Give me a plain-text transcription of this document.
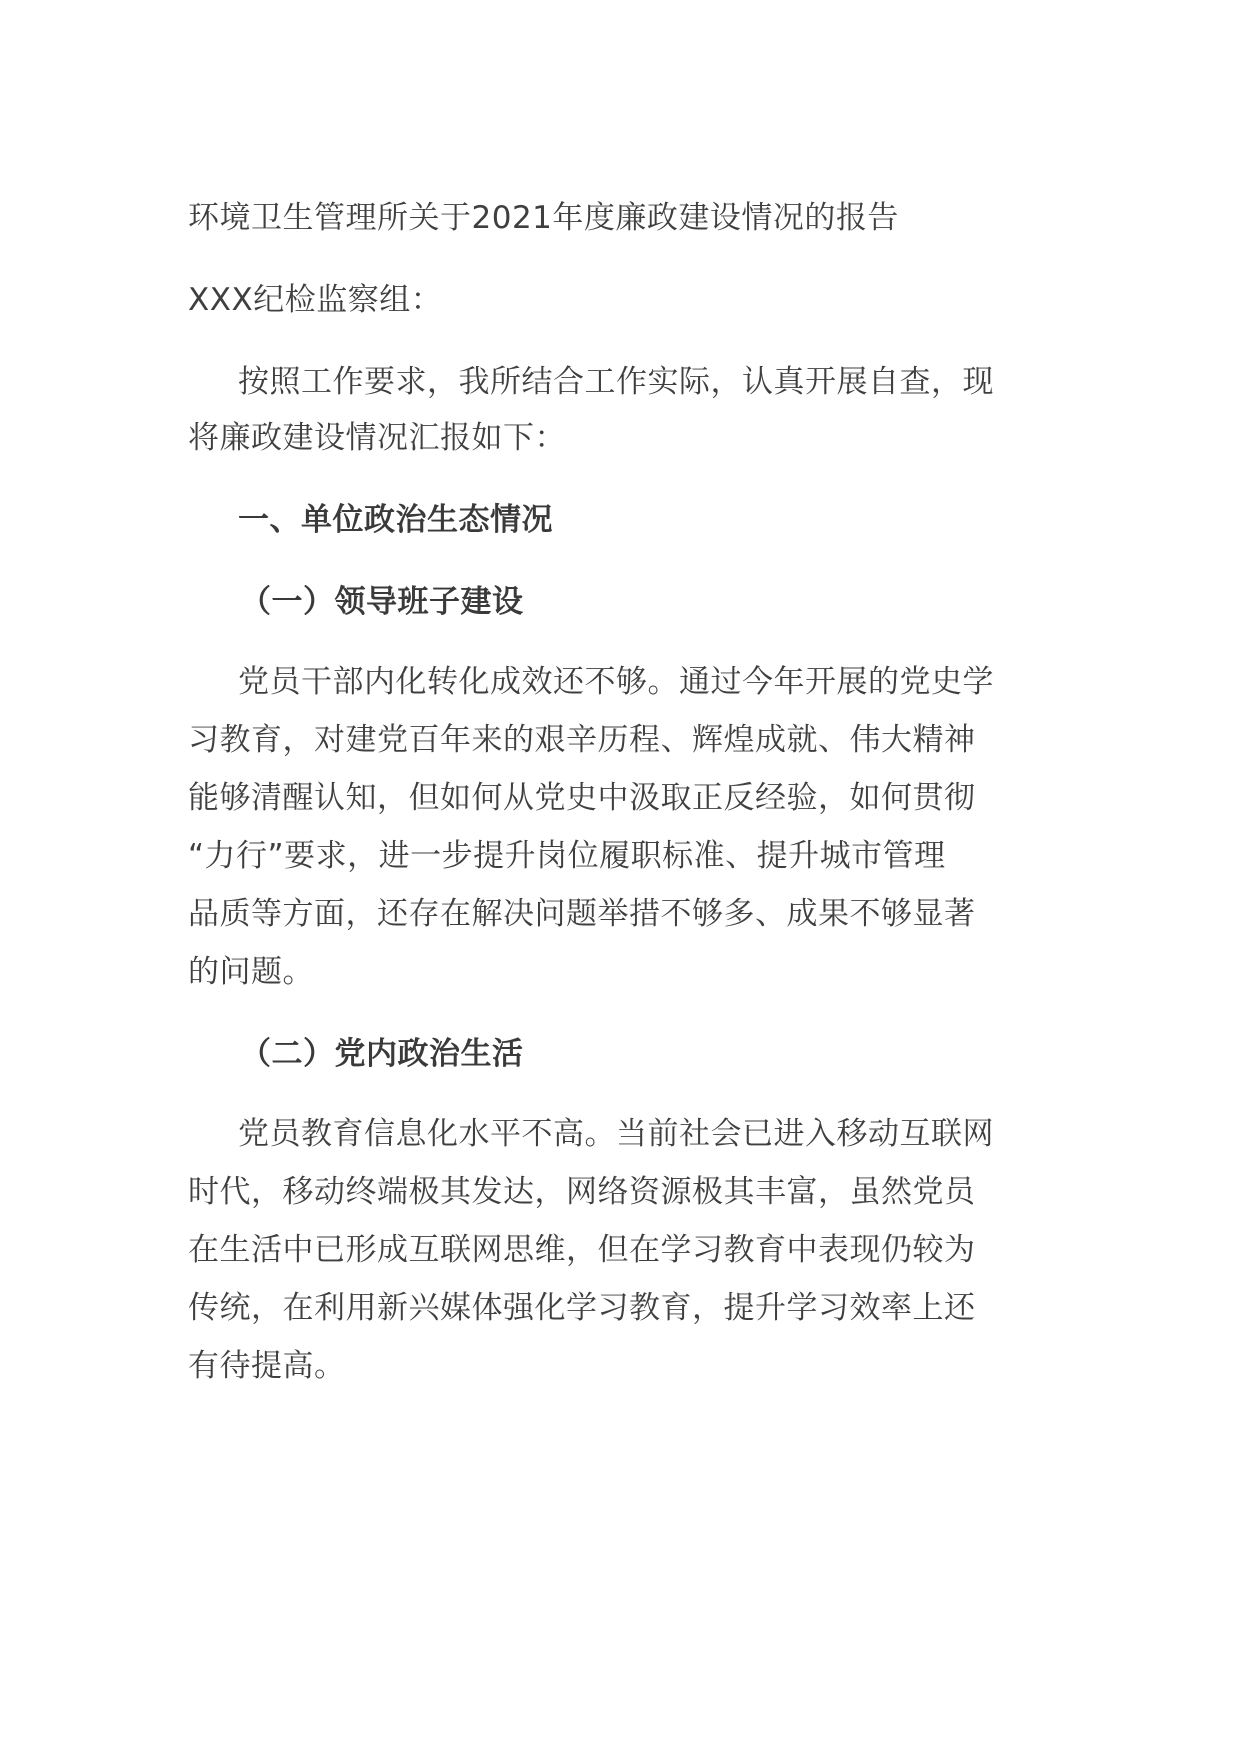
环境卫生管理所关于2021年度廉政建设情况的报告
XXX纪检监察组：
按照工作要求，我所结合工作实际，认真开展自查，现
将廉政建设情况汇报如下：
一、单位政治生态情况
（一）领导班子建设
党员干部内化转化成效还不够。通过今年开展的党史学
习教育，对建党百年来的艰辛历程、辉煌成就、伟大精神
能够清醒认知，但如何从党史中汲取正反经验，如何贯彻
“力行”要求，进一步提升岗位履职标准、提升城市管理
品质等方面，还存在解决问题举措不够多、成果不够显著
的问题。
（二）党内政治生活
党员教育信息化水平不高。当前社会已进入移动互联网
时代，移动终端极其发达，网络资源极其丰富，虽然党员
在生活中已形成互联网思维，但在学习教育中表现仍较为
传统，在利用新兴媒体强化学习教育，提升学习效率上还
有待提高。
